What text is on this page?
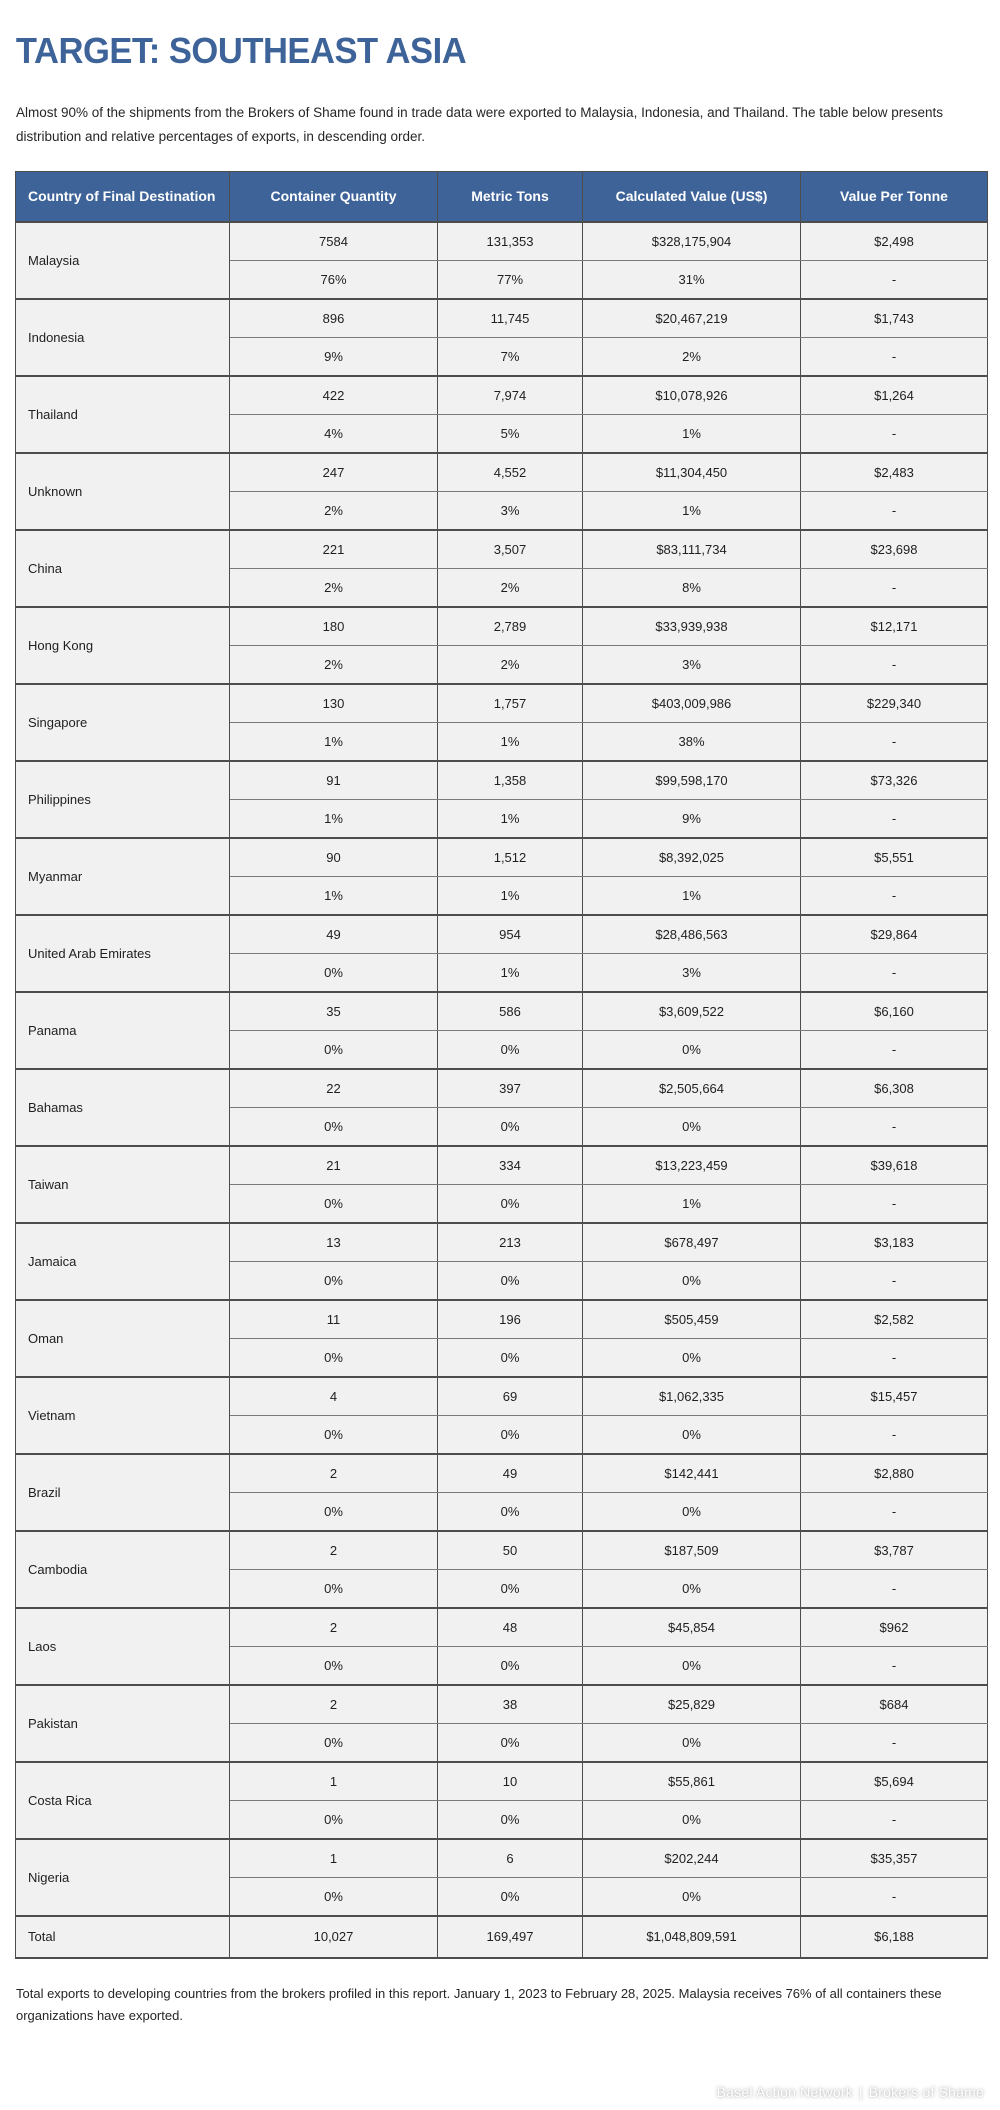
TARGET: SOUTHEAST ASIA

Almost 90% of the shipments from the Brokers of Shame found in trade data were exported to Malaysia, Indonesia, and Thailand. The table below presents distribution and relative percentages of exports, in descending order.

Country of Final Destination	Container Quantity	Metric Tons	Calculated Value (US$)	Value Per Tonne
Malaysia	7584	131,353	$328,175,904	$2,498
	76%	77%	31%	-
Indonesia	896	11,745	$20,467,219	$1,743
	9%	7%	2%	-
Thailand	422	7,974	$10,078,926	$1,264
	4%	5%	1%	-
Unknown	247	4,552	$11,304,450	$2,483
	2%	3%	1%	-
China	221	3,507	$83,111,734	$23,698
	2%	2%	8%	-
Hong Kong	180	2,789	$33,939,938	$12,171
	2%	2%	3%	-
Singapore	130	1,757	$403,009,986	$229,340
	1%	1%	38%	-
Philippines	91	1,358	$99,598,170	$73,326
	1%	1%	9%	-
Myanmar	90	1,512	$8,392,025	$5,551
	1%	1%	1%	-
United Arab Emirates	49	954	$28,486,563	$29,864
	0%	1%	3%	-
Panama	35	586	$3,609,522	$6,160
	0%	0%	0%	-
Bahamas	22	397	$2,505,664	$6,308
	0%	0%	0%	-
Taiwan	21	334	$13,223,459	$39,618
	0%	0%	1%	-
Jamaica	13	213	$678,497	$3,183
	0%	0%	0%	-
Oman	11	196	$505,459	$2,582
	0%	0%	0%	-
Vietnam	4	69	$1,062,335	$15,457
	0%	0%	0%	-
Brazil	2	49	$142,441	$2,880
	0%	0%	0%	-
Cambodia	2	50	$187,509	$3,787
	0%	0%	0%	-
Laos	2	48	$45,854	$962
	0%	0%	0%	-
Pakistan	2	38	$25,829	$684
	0%	0%	0%	-
Costa Rica	1	10	$55,861	$5,694
	0%	0%	0%	-
Nigeria	1	6	$202,244	$35,357
	0%	0%	0%	-
Total	10,027	169,497	$1,048,809,591	$6,188

Total exports to developing countries from the brokers profiled in this report. January 1, 2023 to February 28, 2025. Malaysia receives 76% of all containers these organizations have exported.

Basel Action Network | Brokers of Shame
